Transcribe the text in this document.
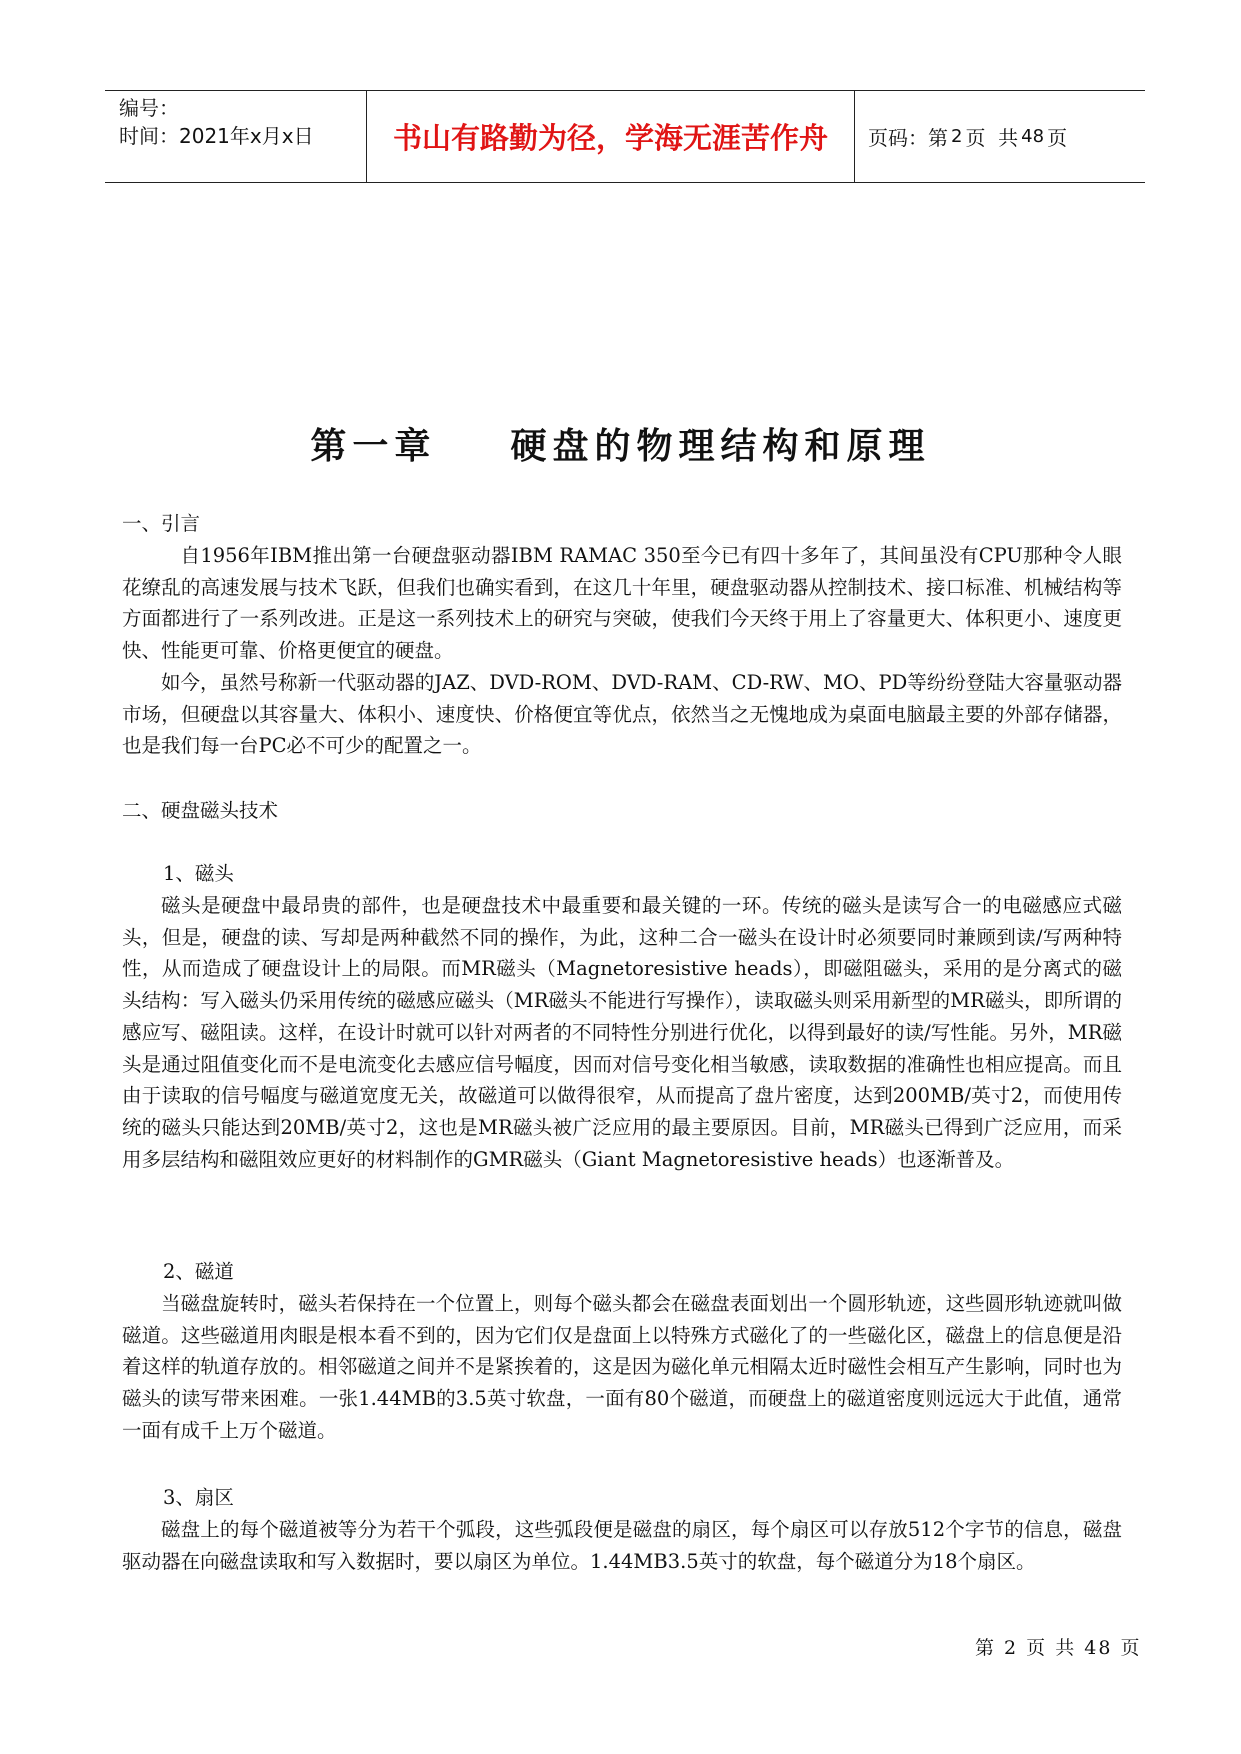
编号：
时间：2021年x月x日	书山有路勤为径，学海无涯苦作舟	页码：第 2 页  共 48 页
第一章    硬盘的物理结构和原理
一、引言
自1956年IBM推出第一台硬盘驱动器IBM RAMAC 350至今已有四十多年了，其间虽没有CPU那种令人眼花缭乱的高速发展与技术飞跃，但我们也确实看到，在这几十年里，硬盘驱动器从控制技术、接口标准、机械结构等方面都进行了一系列改进。正是这一系列技术上的研究与突破，使我们今天终于用上了容量更大、体积更小、速度更快、性能更可靠、价格更便宜的硬盘。
如今，虽然号称新一代驱动器的JAZ、DVD-ROM、DVD-RAM、CD-RW、MO、PD等纷纷登陆大容量驱动器市场，但硬盘以其容量大、体积小、速度快、价格便宜等优点，依然当之无愧地成为桌面电脑最主要的外部存储器，也是我们每一台PC必不可少的配置之一。
二、硬盘磁头技术
1、磁头
磁头是硬盘中最昂贵的部件，也是硬盘技术中最重要和最关键的一环。传统的磁头是读写合一的电磁感应式磁头，但是，硬盘的读、写却是两种截然不同的操作，为此，这种二合一磁头在设计时必须要同时兼顾到读/写两种特性，从而造成了硬盘设计上的局限。而MR磁头（Magnetoresistive heads），即磁阻磁头，采用的是分离式的磁头结构：写入磁头仍采用传统的磁感应磁头（MR磁头不能进行写操作），读取磁头则采用新型的MR磁头，即所谓的感应写、磁阻读。这样，在设计时就可以针对两者的不同特性分别进行优化，以得到最好的读/写性能。另外，MR磁头是通过阻值变化而不是电流变化去感应信号幅度，因而对信号变化相当敏感，读取数据的准确性也相应提高。而且由于读取的信号幅度与磁道宽度无关，故磁道可以做得很窄，从而提高了盘片密度，达到200MB/英寸2，而使用传统的磁头只能达到20MB/英寸2，这也是MR磁头被广泛应用的最主要原因。目前，MR磁头已得到广泛应用，而采用多层结构和磁阻效应更好的材料制作的GMR磁头（Giant Magnetoresistive heads）也逐渐普及。
2、磁道
当磁盘旋转时，磁头若保持在一个位置上，则每个磁头都会在磁盘表面划出一个圆形轨迹，这些圆形轨迹就叫做磁道。这些磁道用肉眼是根本看不到的，因为它们仅是盘面上以特殊方式磁化了的一些磁化区，磁盘上的信息便是沿着这样的轨道存放的。相邻磁道之间并不是紧挨着的，这是因为磁化单元相隔太近时磁性会相互产生影响，同时也为磁头的读写带来困难。一张1.44MB的3.5英寸软盘，一面有80个磁道，而硬盘上的磁道密度则远远大于此值，通常一面有成千上万个磁道。
3、扇区
磁盘上的每个磁道被等分为若干个弧段，这些弧段便是磁盘的扇区，每个扇区可以存放512个字节的信息，磁盘驱动器在向磁盘读取和写入数据时，要以扇区为单位。1.44MB3.5英寸的软盘，每个磁道分为18个扇区。
第 2 页 共 48 页
